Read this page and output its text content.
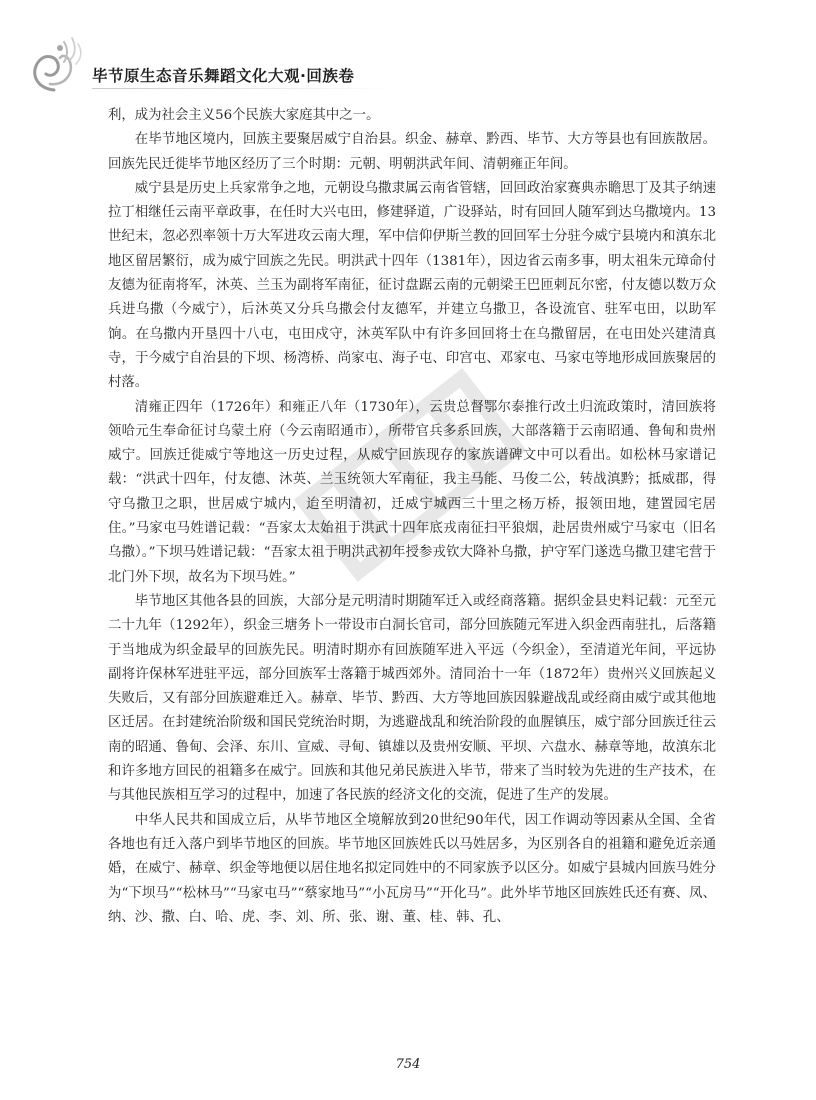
毕节原生态音乐舞蹈文化大观·回族卷

利，成为社会主义56个民族大家庭其中之一。

在毕节地区境内，回族主要聚居威宁自治县。织金、赫章、黔西、毕节、大方等县也有回族散居。回族先民迁徙毕节地区经历了三个时期：元朝、明朝洪武年间、清朝雍正年间。

威宁县是历史上兵家常争之地，元朝设乌撒隶属云南省管辖，回回政治家赛典赤瞻思丁及其子纳速拉丁相继任云南平章政事，在任时大兴屯田，修建驿道，广设驿站，时有回回人随军到达乌撒境内。13世纪末，忽必烈率领十万大军进攻云南大理，军中信仰伊斯兰教的回回军士分驻今威宁县境内和滇东北地区留居繁衍，成为威宁回族之先民。明洪武十四年（1381年），因边省云南多事，明太祖朱元璋命付友德为征南将军，沐英、兰玉为副将军南征，征讨盘踞云南的元朝梁王巴匝剌瓦尔密，付友德以数万众兵进乌撒（今威宁），后沐英又分兵乌撒会付友德军，并建立乌撒卫，各设流官、驻军屯田，以助军饷。在乌撒内开垦四十八屯，屯田戍守，沐英军队中有许多回回将士在乌撒留居，在屯田处兴建清真寺，于今威宁自治县的下坝、杨湾桥、尚家屯、海子屯、印宫屯、邓家屯、马家屯等地形成回族聚居的村落。

清雍正四年（1726年）和雍正八年（1730年），云贵总督鄂尔泰推行改土归流政策时，清回族将领哈元生奉命征讨乌蒙土府（今云南昭通市），所带官兵多系回族，大部落籍于云南昭通、鲁甸和贵州威宁。回族迁徙威宁等地这一历史过程，从威宁回族现存的家族谱碑文中可以看出。如松林马家谱记载：“洪武十四年，付友德、沐英、兰玉统领大军南征，我主马能、马俊二公，转战滇黔；抵威郡，得守乌撒卫之职，世居威宁城内，迨至明清初，迁威宁城西三十里之杨万桥，报领田地，建置园宅居住。”马家屯马姓谱记载：“吾家太太始祖于洪武十四年底戎南征扫平狼烟，赴居贵州威宁马家屯（旧名乌撒）。”下坝马姓谱记载：“吾家太祖于明洪武初年授参戎钦大降补乌撒，护守军门遂选乌撒卫建宅营于北门外下坝，故名为下坝马姓。”

毕节地区其他各县的回族，大部分是元明清时期随军迁入或经商落籍。据织金县史料记载：元至元二十九年（1292年），织金三塘务卜一带设市白洞长官司，部分回族随元军进入织金西南驻扎，后落籍于当地成为织金最早的回族先民。明清时期亦有回族随军进入平远（今织金），至清道光年间，平远协副将许保林军进驻平远，部分回族军士落籍于城西郊外。清同治十一年（1872年）贵州兴义回族起义失败后，又有部分回族避难迁入。赫章、毕节、黔西、大方等地回族因躲避战乱或经商由威宁或其他地区迁居。在封建统治阶级和国民党统治时期，为逃避战乱和统治阶段的血腥镇压，威宁部分回族迁往云南的昭通、鲁甸、会泽、东川、宣威、寻甸、镇雄以及贵州安顺、平坝、六盘水、赫章等地，故滇东北和许多地方回民的祖籍多在威宁。回族和其他兄弟民族进入毕节，带来了当时较为先进的生产技术，在与其他民族相互学习的过程中，加速了各民族的经济文化的交流，促进了生产的发展。

中华人民共和国成立后，从毕节地区全境解放到20世纪90年代，因工作调动等因素从全国、全省各地也有迁入落户到毕节地区的回族。毕节地区回族姓氏以马姓居多，为区别各自的祖籍和避免近亲通婚，在威宁、赫章、织金等地便以居住地名拟定同姓中的不同家族予以区分。如威宁县城内回族马姓分为“下坝马”“松林马”“马家屯马”“蔡家地马”“小瓦房马”“开化马”。此外毕节地区回族姓氏还有赛、凤、纳、沙、撒、白、哈、虎、李、刘、所、张、谢、董、桂、韩、孔、

754
